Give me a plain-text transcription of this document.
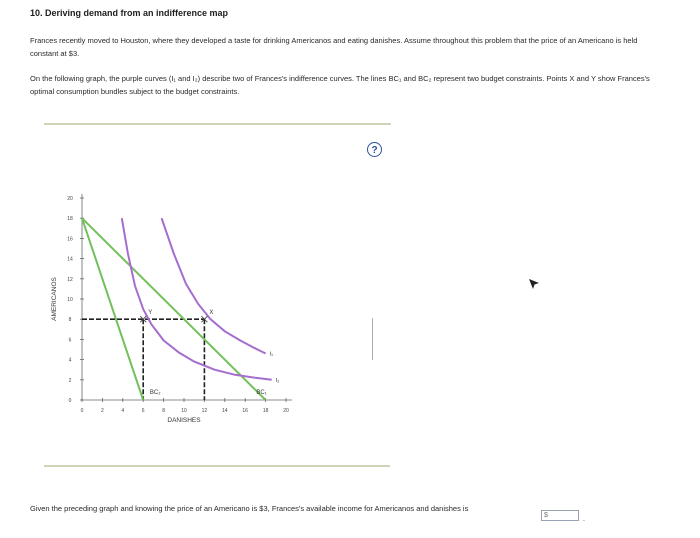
10. Deriving demand from an indifference map
Frances recently moved to Houston, where they developed a taste for drinking Americanos and eating danishes. Assume throughout this problem that the price of an Americano is held constant at $3.
On the following graph, the purple curves (I₁ and I₂) describe two of Frances's indifference curves. The lines BC₁ and BC₂ represent two budget constraints. Points X and Y show Frances's optimal consumption bundles subject to the budget constraints.
?
0
2
4
6
8
10
12
14
16
18
20
0	2	4	6	8	10	12	14	16	18	20
DANISHES
AMERICANOS
BC₁
BC₂
I₁
I₂
X
Y
Given the preceding graph and knowing the price of an Americano is $3, Frances's available income for Americanos and danishes is
$
.
